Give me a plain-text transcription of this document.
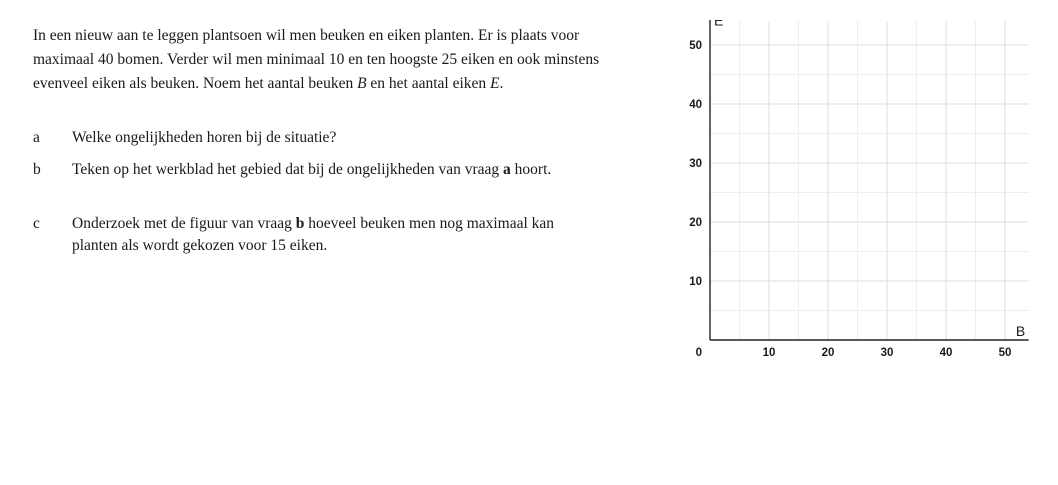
In een nieuw aan te leggen plantsoen wil men beuken en eiken planten. Er is plaats voor maximaal 40 bomen. Verder wil men minimaal 10 en ten hoogste 25 eiken en ook minstens evenveel eiken als beuken. Noem het aantal beuken B en het aantal eiken E.
a	Welke ongelijkheden horen bij de situatie?
b	Teken op het werkblad het gebied dat bij de ongelijkheden van vraag a hoort.
c	Onderzoek met de figuur van vraag b hoeveel beuken men nog maximaal kan planten als wordt gekozen voor 15 eiken.
10	20	30	40	50
10
20
30
40
50
0
E
B
